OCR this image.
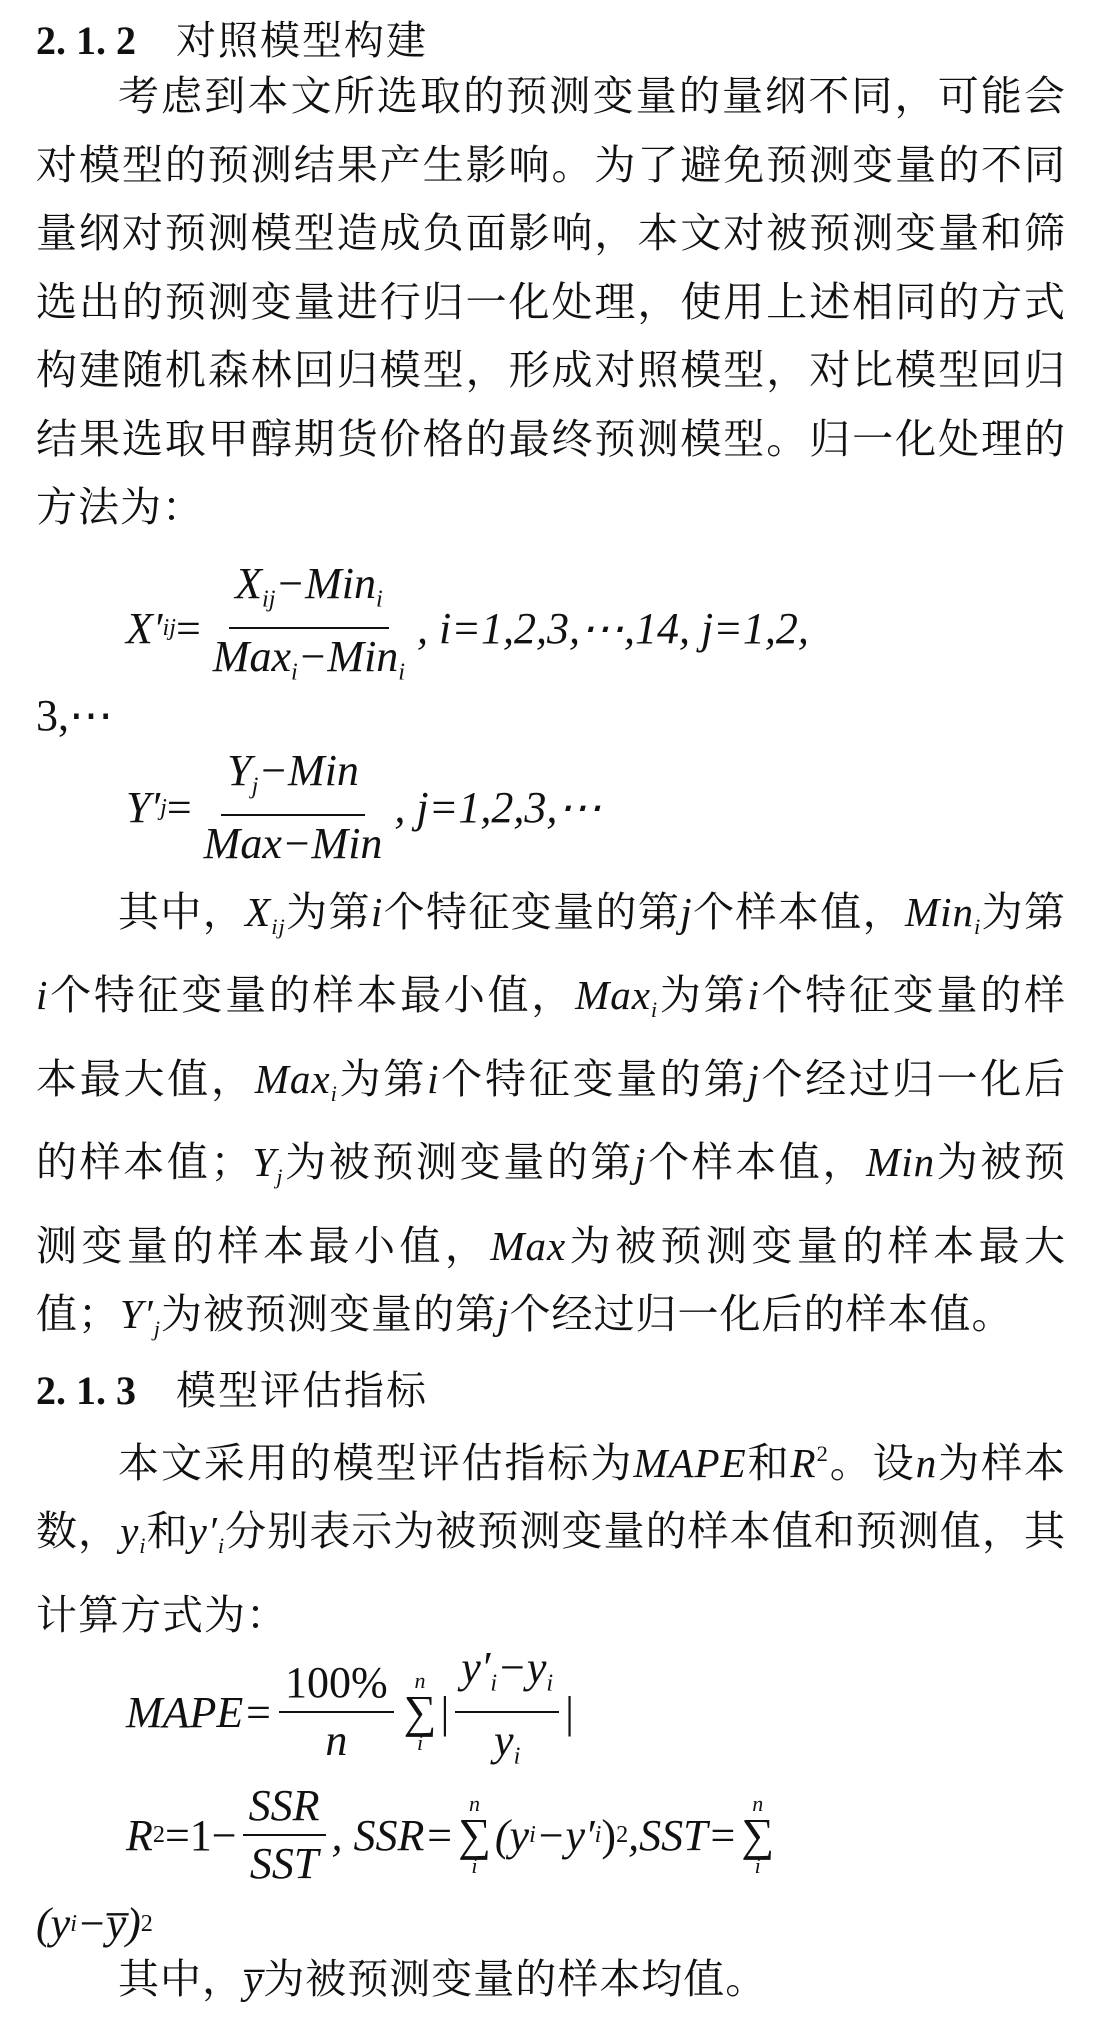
2. 1. 2 对照模型构建

考虑到本文所选取的预测变量的量纲不同，可能会对模型的预测结果产生影响。为了避免预测变量的不同量纲对预测模型造成负面影响，本文对被预测变量和筛选出的预测变量进行归一化处理，使用上述相同的方式构建随机森林回归模型，形成对照模型，对比模型回归结果选取甲醇期货价格的最终预测模型。归一化处理的方法为：

X′ ij = $\frac{X_{ij}-Min_i}{Max_i-Min_i}$ , i=1,2,3,⋯,14, j=1,2,
3,⋯
Y′ $j = \frac{Y_j-Min}{\text{Max−Min}}$ , j=1,2,3,⋯

其中，$X_{ij}$为第i个特征变量的第j个样本值，Min$_i$为第i个特征变量的样本最小值，Max$_i$为第i个特征变量的样本最大值，Max$_i$为第i个特征变量的第j个经过归一化后的样本值；$Y_j$为被预测变量的第j个样本值，Min为被预测变量的样本最小值，Max为被预测变量的样本最大值；$Y'_j$为被预测变量的第j个经过归一化后的样本值。

2. 1. 3 模型评估指标

本文采用的模型评估指标为MAPE和$R^2$。设n为样本数，$y_i$和$y'_i$分别表示为被预测变量的样本值和预测值，其计算方式为：

MAPE= $\frac{100\%}{n}$ n
∑
i
| $\frac{y'_i-y_i}{y_i}$ |
R $2 =1- \frac{\text{SSR}}{\text{SST}}$ , SSR=
n
∑
i
(y i −y′ i ) 2 ,SST=
n
∑
i
(y i −y̅) 2

其中，y̅为被预测变量的样本均值。
